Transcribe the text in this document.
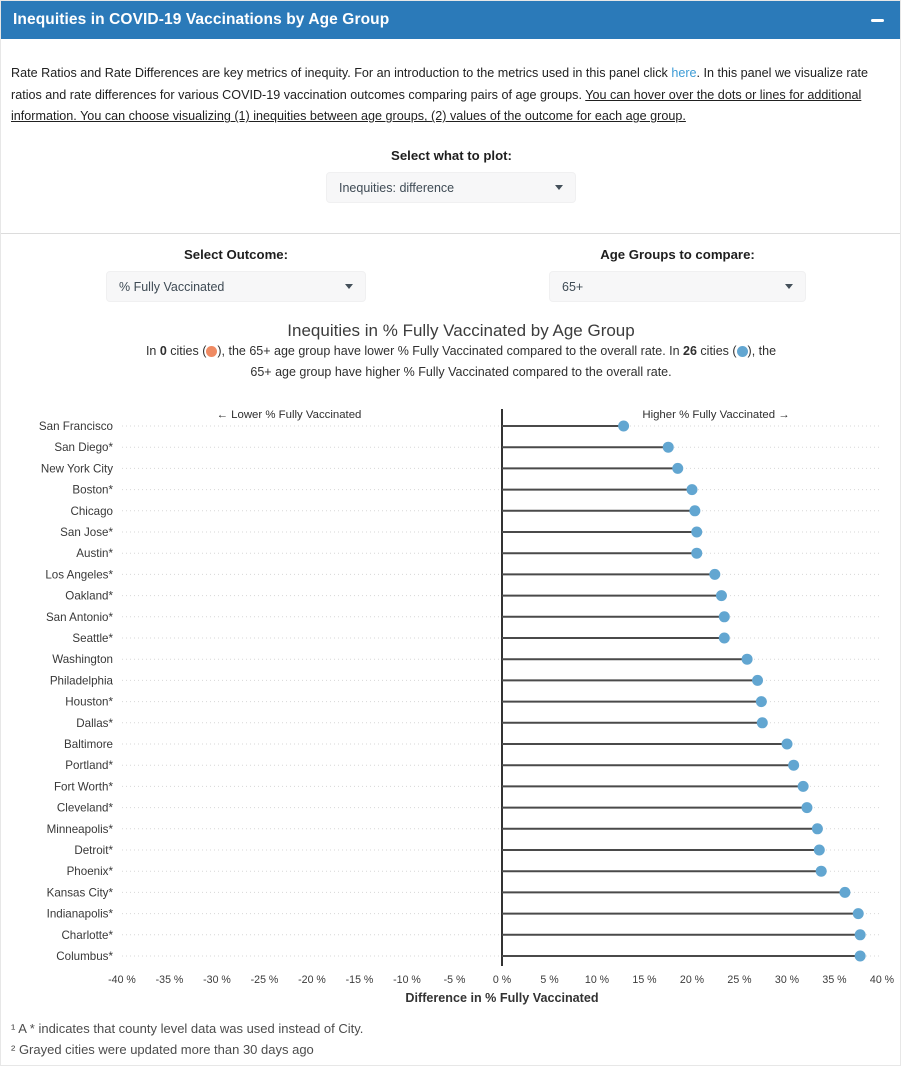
Inequities in COVID-19 Vaccinations by Age Group
Rate Ratios and Rate Differences are key metrics of inequity. For an introduction to the metrics used in this panel click here. In this panel we visualize rate ratios and rate differences for various COVID-19 vaccination outcomes comparing pairs of age groups. You can hover over the dots or lines for additional information. You can choose visualizing (1) inequities between age groups, (2) values of the outcome for each age group.
Select what to plot:
Inequities: difference
Select Outcome:
% Fully Vaccinated
Age Groups to compare:
65+
Inequities in % Fully Vaccinated by Age Group
In 0 cities ( ), the 65+ age group have lower % Fully Vaccinated compared to the overall rate. In 26 cities ( ), the 65+ age group have higher % Fully Vaccinated compared to the overall rate.
San Francisco
San Diego*
New York City
Boston*
Chicago
San Jose*
Austin*
Los Angeles*
Oakland*
San Antonio*
Seattle*
Washington
Philadelphia
Houston*
Dallas*
Baltimore
Portland*
Fort Worth*
Cleveland*
Minneapolis*
Detroit*
Phoenix*
Kansas City*
Indianapolis*
Charlotte*
Columbus*
← Lower % Fully Vaccinated	Higher % Fully Vaccinated →
-40 % -35 % -30 % -25 % -20 % -15 % -10 % -5 %	0 %	5 % 10 % 15 % 20 % 25 % 30 % 35 % 40 %
Difference in % Fully Vaccinated
¹ A * indicates that county level data was used instead of City.
² Grayed cities were updated more than 30 days ago
